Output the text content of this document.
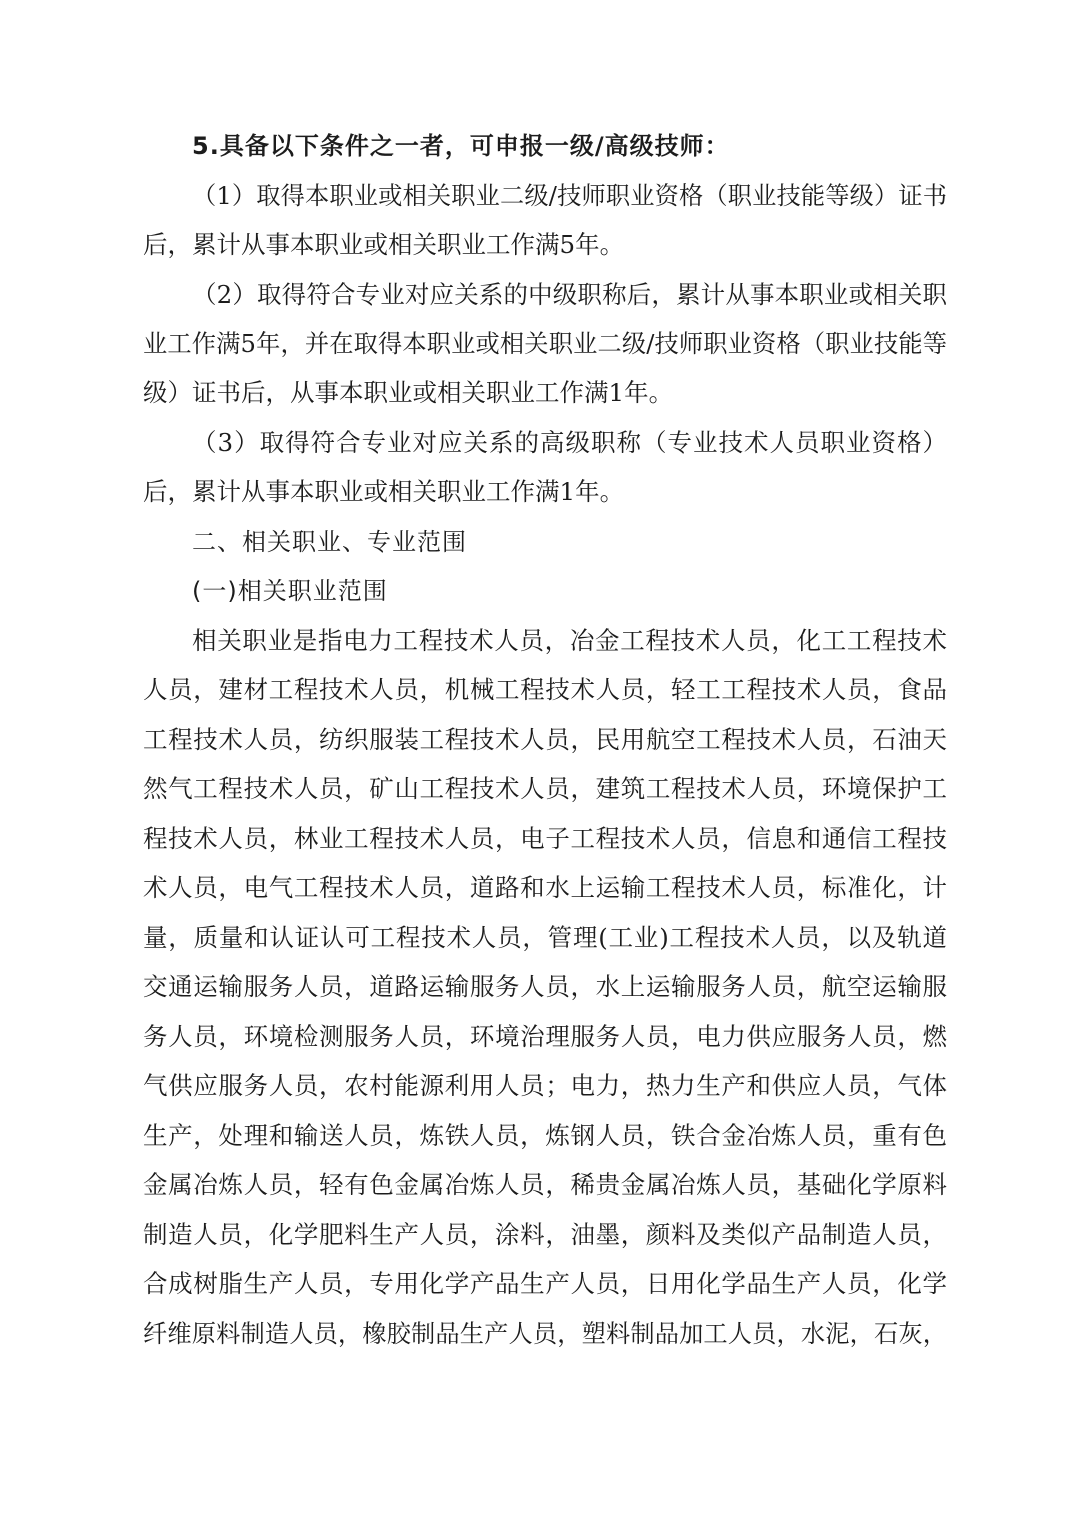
5.具备以下条件之一者，可申报一级/高级技师：
（1）取得本职业或相关职业二级/技师职业资格（职业技能等级）证书
后，累计从事本职业或相关职业工作满5年。
（2）取得符合专业对应关系的中级职称后，累计从事本职业或相关职
业工作满5年，并在取得本职业或相关职业二级/技师职业资格（职业技能等
级）证书后，从事本职业或相关职业工作满1年。
（3）取得符合专业对应关系的高级职称（专业技术人员职业资格）
后，累计从事本职业或相关职业工作满1年。
二、相关职业、专业范围
(一)相关职业范围
相关职业是指电力工程技术人员，冶金工程技术人员，化工工程技术
人员，建材工程技术人员，机械工程技术人员，轻工工程技术人员，食品
工程技术人员，纺织服装工程技术人员，民用航空工程技术人员，石油天
然气工程技术人员，矿山工程技术人员，建筑工程技术人员，环境保护工
程技术人员，林业工程技术人员，电子工程技术人员，信息和通信工程技
术人员，电气工程技术人员，道路和水上运输工程技术人员，标准化，计
量，质量和认证认可工程技术人员，管理(工业)工程技术人员，以及轨道
交通运输服务人员，道路运输服务人员，水上运输服务人员，航空运输服
务人员，环境检测服务人员，环境治理服务人员，电力供应服务人员，燃
气供应服务人员，农村能源利用人员；电力，热力生产和供应人员，气体
生产，处理和输送人员，炼铁人员，炼钢人员，铁合金冶炼人员，重有色
金属冶炼人员，轻有色金属冶炼人员，稀贵金属冶炼人员，基础化学原料
制造人员，化学肥料生产人员，涂料，油墨，颜料及类似产品制造人员，
合成树脂生产人员，专用化学产品生产人员，日用化学品生产人员，化学
纤维原料制造人员，橡胶制品生产人员，塑料制品加工人员，水泥，石灰，
